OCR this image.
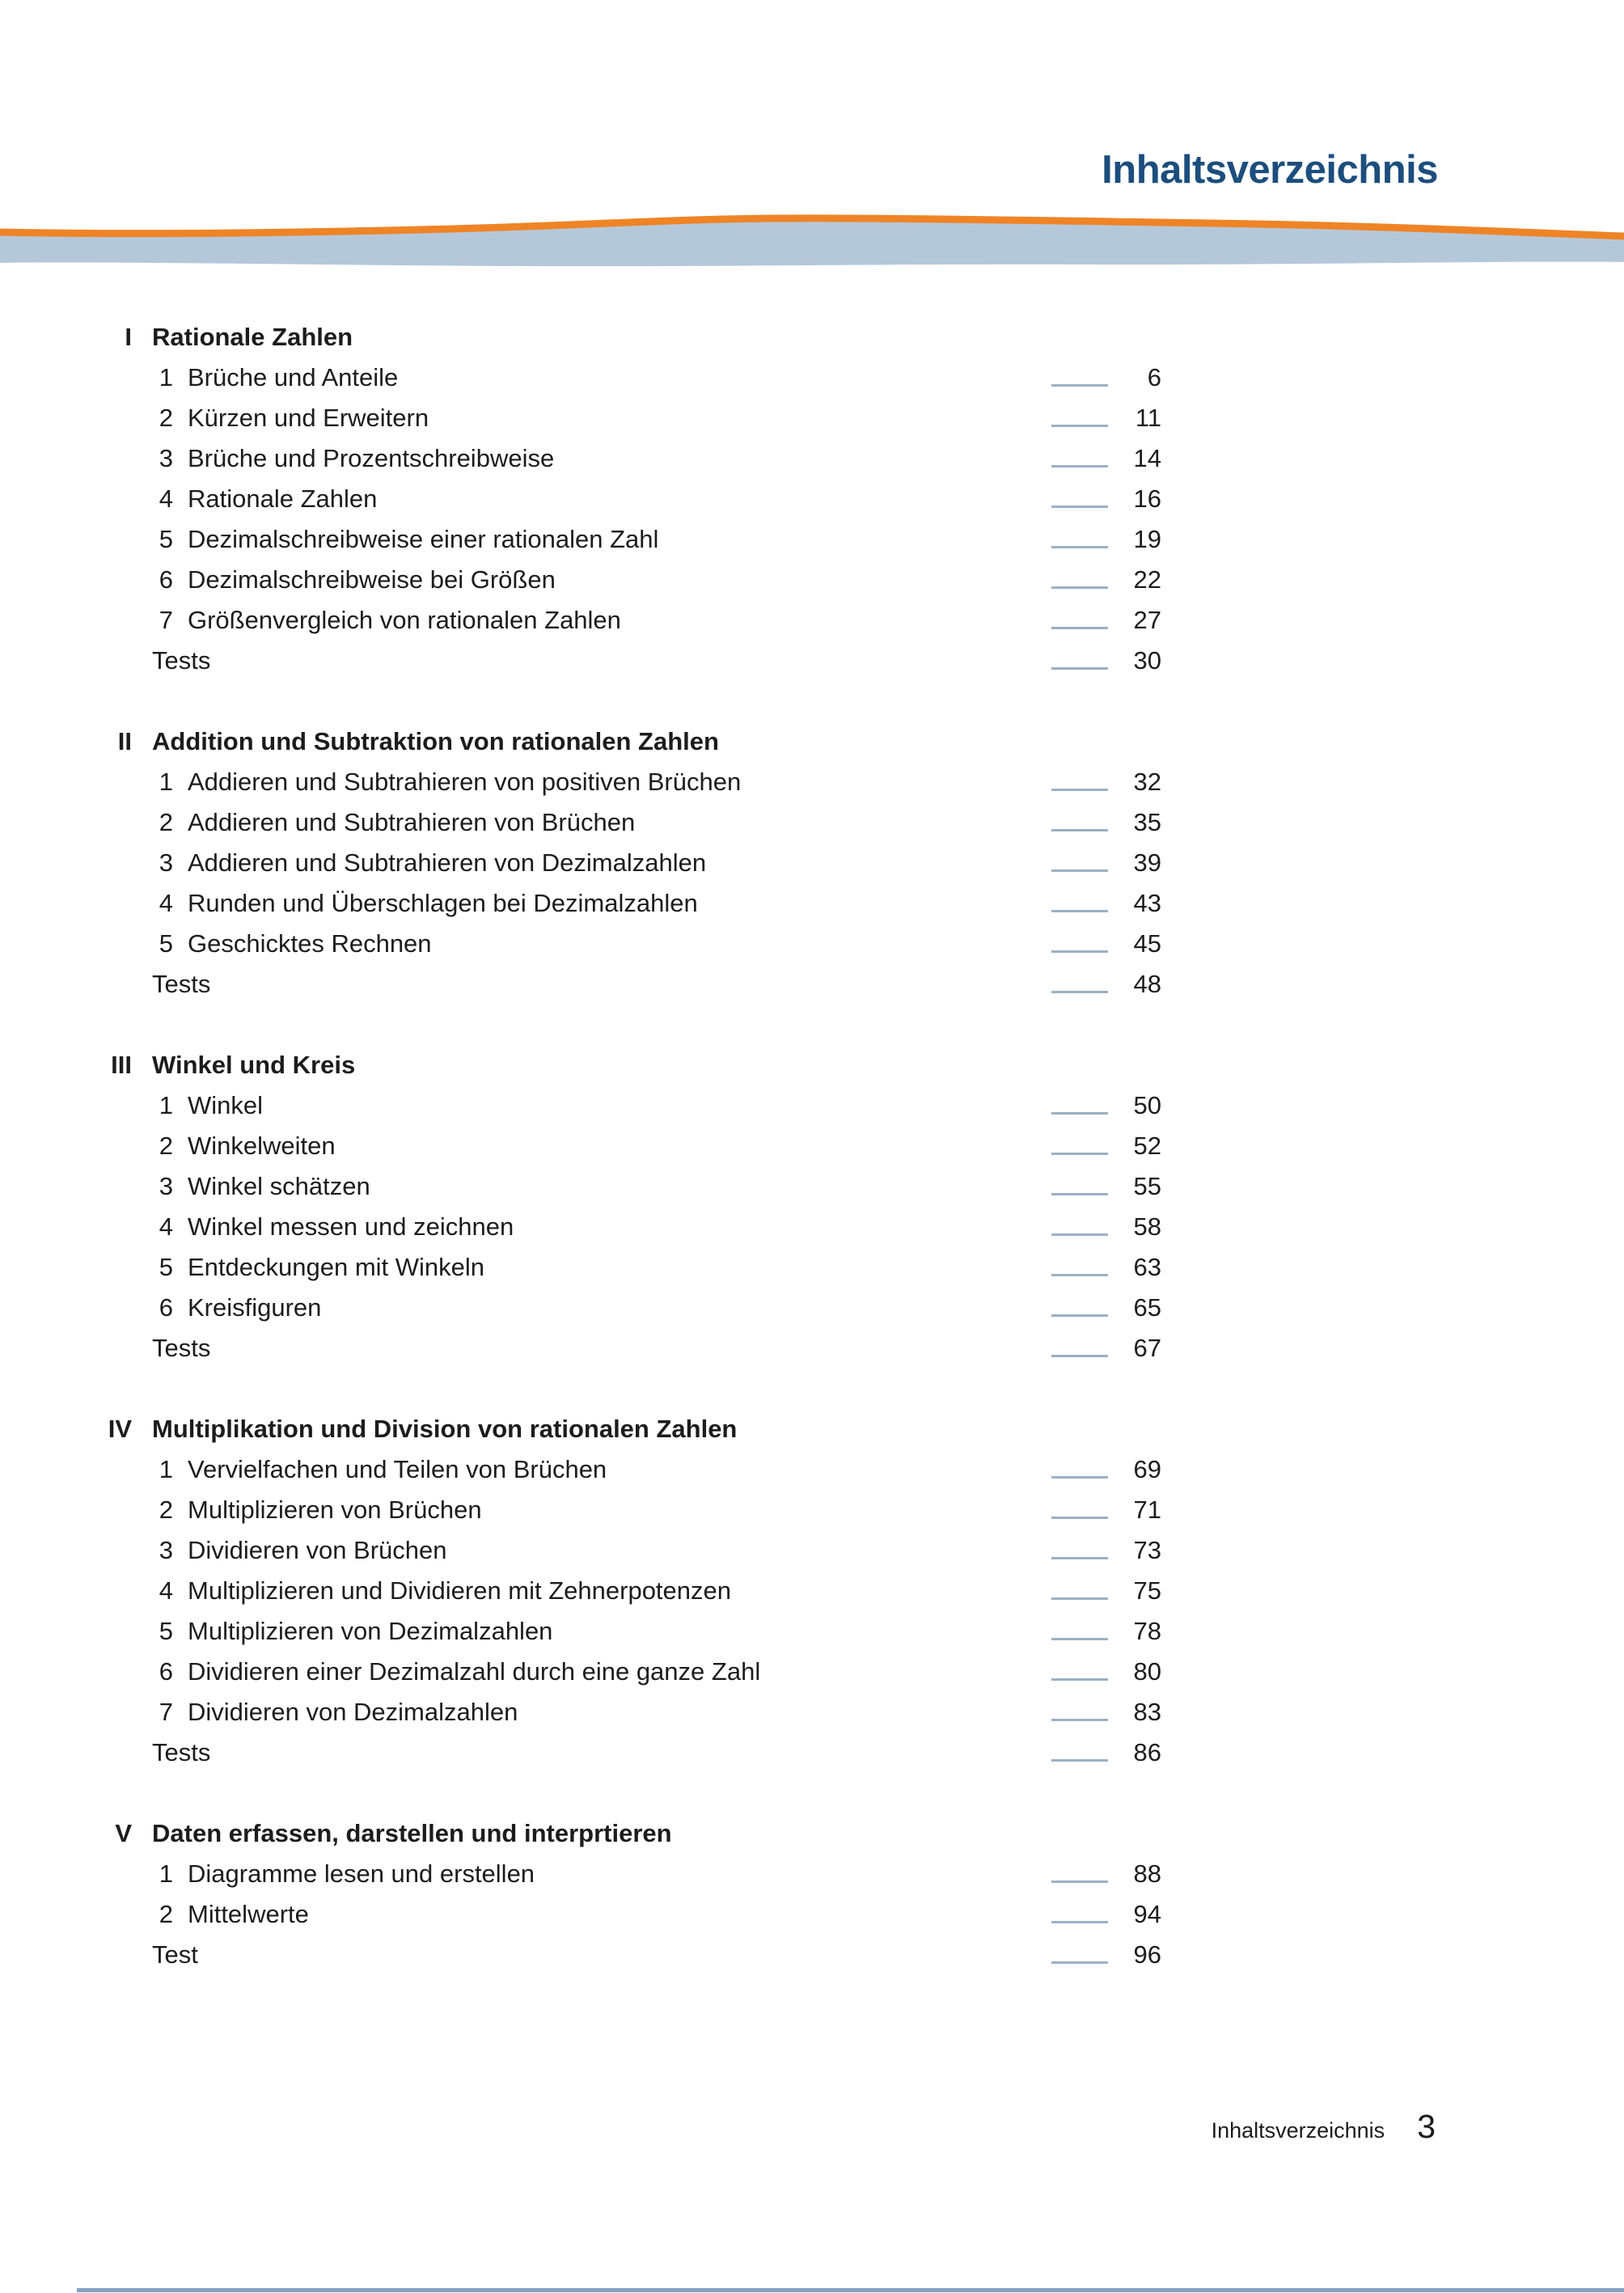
Inhaltsverzeichnis
I Rationale Zahlen
1 Brüche und Anteile	6
2 Kürzen und Erweitern	11
3 Brüche und Prozentschreibweise	14
4 Rationale Zahlen	16
5 Dezimalschreibweise einer rationalen Zahl	19
6 Dezimalschreibweise bei Größen	22
7 Größenvergleich von rationalen Zahlen	27
Tests	30
II Addition und Subtraktion von rationalen Zahlen
1 Addieren und Subtrahieren von positiven Brüchen	32
2 Addieren und Subtrahieren von Brüchen	35
3 Addieren und Subtrahieren von Dezimalzahlen	39
4 Runden und Überschlagen bei Dezimalzahlen	43
5 Geschicktes Rechnen	45
Tests	48
III Winkel und Kreis
1 Winkel	50
2 Winkelweiten	52
3 Winkel schätzen	55
4 Winkel messen und zeichnen	58
5 Entdeckungen mit Winkeln	63
6 Kreisfiguren	65
Tests	67
IV Multiplikation und Division von rationalen Zahlen
1 Vervielfachen und Teilen von Brüchen	69
2 Multiplizieren von Brüchen	71
3 Dividieren von Brüchen	73
4 Multiplizieren und Dividieren mit Zehnerpotenzen	75
5 Multiplizieren von Dezimalzahlen	78
6 Dividieren einer Dezimalzahl durch eine ganze Zahl	80
7 Dividieren von Dezimalzahlen	83
Tests	86
V Daten erfassen, darstellen und interprtieren
1 Diagramme lesen und erstellen	88
2 Mittelwerte	94
Test	96
Inhaltsverzeichnis 3
